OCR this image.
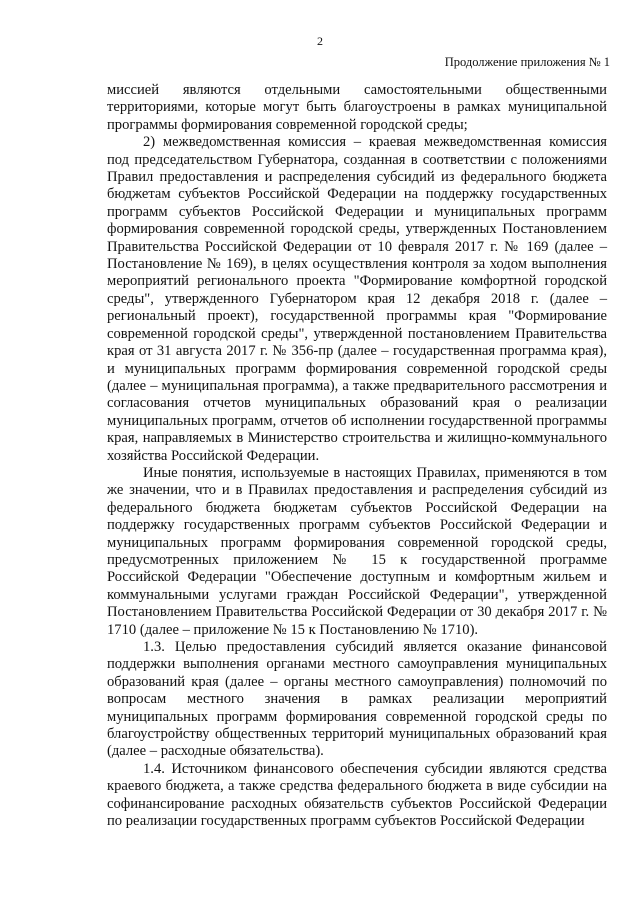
2
Продолжение приложения № 1

миссией являются отдельными самостоятельными общественными территориями, которые могут быть благоустроены в рамках муниципальной программы формирования современной городской среды;

2) межведомственная комиссия – краевая межведомственная комиссия под председательством Губернатора, созданная в соответствии с положениями Правил предоставления и распределения субсидий из федерального бюджета бюджетам субъектов Российской Федерации на поддержку государственных программ субъектов Российской Федерации и муниципальных программ формирования современной городской среды, утвержденных Постановлением Правительства Российской Федерации от 10 февраля 2017 г. № 169 (далее – Постановление № 169), в целях осуществления контроля за ходом выполнения мероприятий регионального проекта "Формирование комфортной городской среды", утвержденного Губернатором края 12 декабря 2018 г. (далее – региональный проект), государственной программы края "Формирование современной городской среды", утвержденной постановлением Правительства края от 31 августа 2017 г. № 356-пр (далее – государственная программа края), и муниципальных программ формирования современной городской среды (далее – муниципальная программа), а также предварительного рассмотрения и согласования отчетов муниципальных образований края о реализации муниципальных программ, отчетов об исполнении государственной программы края, направляемых в Министерство строительства и жилищно-коммунального хозяйства Российской Федерации.

Иные понятия, используемые в настоящих Правилах, применяются в том же значении, что и в Правилах предоставления и распределения субсидий из федерального бюджета бюджетам субъектов Российской Федерации на поддержку государственных программ субъектов Российской Федерации и муниципальных программ формирования современной городской среды, предусмотренных приложением № 15 к государственной программе Российской Федерации "Обеспечение доступным и комфортным жильем и коммунальными услугами граждан Российской Федерации", утвержденной Постановлением Правительства Российской Федерации от 30 декабря 2017 г. № 1710 (далее – приложение № 15 к Постановлению № 1710).

1.3. Целью предоставления субсидий является оказание финансовой поддержки выполнения органами местного самоуправления муниципальных образований края (далее – органы местного самоуправления) полномочий по вопросам местного значения в рамках реализации мероприятий муниципальных программ формирования современной городской среды по благоустройству общественных территорий муниципальных образований края (далее – расходные обязательства).

1.4. Источником финансового обеспечения субсидии являются средства краевого бюджета, а также средства федерального бюджета в виде субсидии на софинансирование расходных обязательств субъектов Российской Федерации по реализации государственных программ субъектов Российской Федерации
